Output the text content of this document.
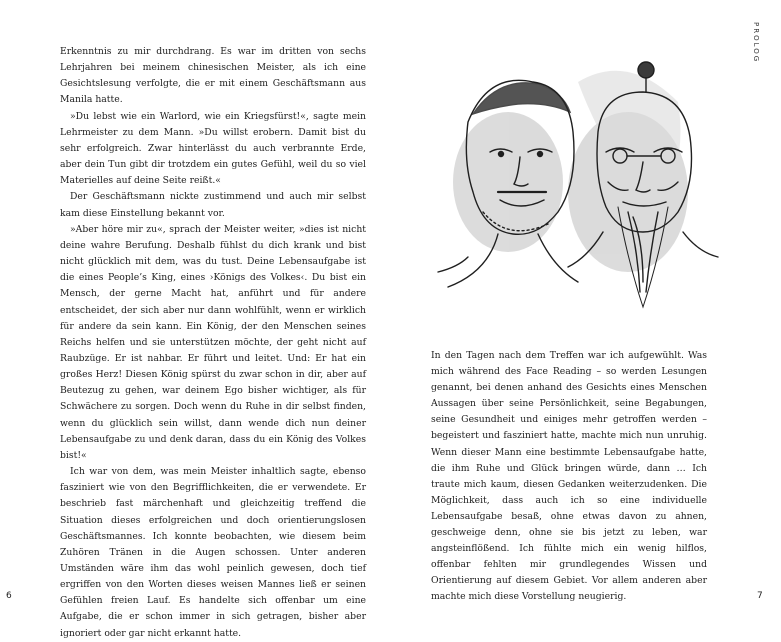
Erkenntnis zu mir durchdrang. Es war im dritten von sechs Lehrjahren bei meinem chinesischen Meister, als ich eine Gesichtslesung verfolgte, die er mit einem Geschäftsmann aus Manila hatte.

»Du lebst wie ein Warlord, wie ein Kriegsfürst!«, sagte mein Lehrmeister zu dem Mann. »Du willst erobern. Damit bist du sehr erfolgreich. Zwar hinterlässt du auch verbrannte Erde, aber dein Tun gibt dir trotzdem ein gutes Gefühl, weil du so viel Materielles auf deine Seite reißt.«

Der Geschäftsmann nickte zustimmend und auch mir selbst kam diese Einstellung bekannt vor.

»Aber höre mir zu«, sprach der Meister weiter, »dies ist nicht deine wahre Berufung. Deshalb fühlst du dich krank und bist nicht glücklich mit dem, was du tust. Deine Lebensaufgabe ist die eines People’s King, eines ›Königs des Volkes‹. Du bist ein Mensch, der gerne Macht hat, anführt und für andere entscheidet, der sich aber nur dann wohlfühlt, wenn er wirklich für andere da sein kann. Ein König, der den Menschen seines Reichs helfen und sie unterstützen möchte, der geht nicht auf Raubzüge. Er ist nahbar. Er führt und leitet. Und: Er hat ein großes Herz! Diesen König spürst du zwar schon in dir, aber auf Beutezug zu gehen, war deinem Ego bisher wichtiger, als für Schwächere zu sorgen. Doch wenn du Ruhe in dir selbst finden, wenn du glücklich sein willst, dann wende dich nun deiner Lebensaufgabe zu und denk daran, dass du ein König des Volkes bist!«

Ich war von dem, was mein Meister inhaltlich sagte, ebenso fasziniert wie von den Begrifflichkeiten, die er verwendete. Er beschrieb fast märchenhaft und gleichzeitig treffend die Situation dieses erfolgreichen und doch orientierungslosen Geschäftsmannes. Ich konnte beobachten, wie diesem beim Zuhören Tränen in die Augen schossen. Unter anderen Umständen wäre ihm das wohl peinlich gewesen, doch tief ergriffen von den Worten dieses weisen Mannes ließ er seinen Gefühlen freien Lauf. Es handelte sich offenbar um eine Aufgabe, die er schon immer in sich getragen, bisher aber ignoriert oder gar nicht erkannt hatte.

6
PROLOG

In den Tagen nach dem Treffen war ich aufgewühlt. Was mich während des Face Reading – so werden Lesungen genannt, bei denen anhand des Gesichts eines Menschen Aussagen über seine Persönlichkeit, seine Begabungen, seine Gesundheit und einiges mehr getroffen werden – begeistert und fasziniert hatte, machte mich nun unruhig. Wenn dieser Mann eine bestimmte Lebensaufgabe hatte, die ihm Ruhe und Glück bringen würde, dann … Ich traute mich kaum, diesen Gedanken weiterzudenken. Die Möglichkeit, dass auch ich so eine individuelle Lebensaufgabe besaß, ohne etwas davon zu ahnen, geschweige denn, ohne sie bis jetzt zu leben, war angsteinflößend. Ich fühlte mich ein wenig hilflos, offenbar fehlten mir grundlegendes Wissen und Orientierung auf diesem Gebiet. Vor allem anderen aber machte mich diese Vorstellung neugierig.	7
